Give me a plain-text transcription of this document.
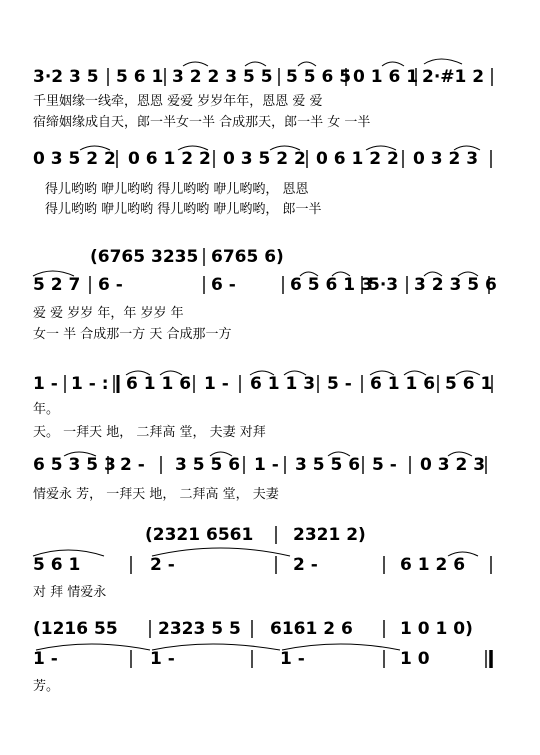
3·2 3 5 5 6 1 3 2 2 3 5 5 5 5 6 5 0 1 6 1 2·#1 2
千里姻缘一线牵，恩恩 爱爱 岁岁年年，恩恩 爱 爱
宿缔姻缘成自天，郎一半女一半 合成那天，郎一半 女 一半
0 3 5 2 2 0 6 1 2 2 0 3 5 2 2 0 6 1 2 2 0 3 2 3
得儿哟哟 咿儿哟哟 得儿哟哟 咿儿哟哟， 恩恩
得儿哟哟 咿儿哟哟 得儿哟哟 咿儿哟哟， 郎一半
(6765 3235 6765 6)
5 2 7 6 -	6 -	6 5 6 1 3
5·3 3 2 3 5 6
爱 爱 岁岁 年，年 岁岁 年
女一 半 合成那一方 天 合成那一方
1 - 1 - : 6 1 1 6 1 - 6 1 1 3 5 - 6 1 1 6 5 6 1
年。
天。 一拜天 地， 二拜高 堂， 夫妻 对拜
6 5 3 5 3 2 - 3 5 5 6 1 - 3 5 5 6 5 - 0 3 2 3
情爱永 芳， 一拜天 地， 二拜高 堂， 夫妻
(2321 6561 2321 2)
5 6 1	2 -	2 -	6 1 2 6
对 拜 情爱永
(1216 55 2323 5 5 6161 2 6	1 0 1 0)
1 -	1 -	1 -	1 0
芳。
